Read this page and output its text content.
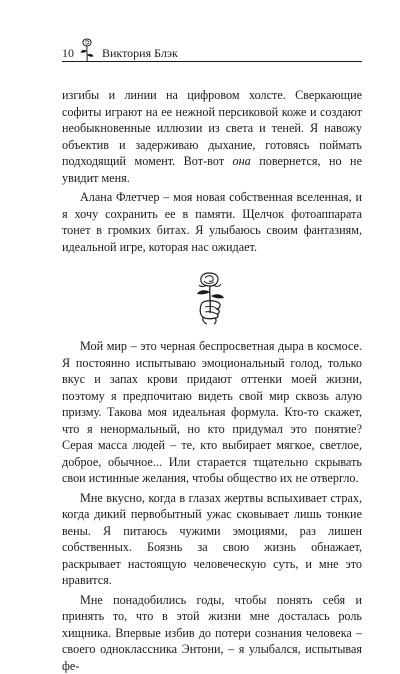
10 Виктория Блэк

изгибы и линии на цифровом холсте. Сверкающие софиты играют на ее нежной персиковой коже и создают необыкновенные иллюзии из света и теней. Я навожу объектив и задерживаю дыхание, готовясь поймать подходящий момент. Вот-вот она повернется, но не увидит меня.

Алана Флетчер – моя новая собственная вселенная, и я хочу сохранить ее в памяти. Щелчок фотоаппарата тонет в громких битах. Я улыбаюсь своим фантазиям, идеальной игре, которая нас ожидает.

Мой мир – это черная беспросветная дыра в космосе. Я постоянно испытываю эмоциональный голод, только вкус и запах крови придают оттенки моей жизни, поэтому я предпочитаю видеть свой мир сквозь алую призму. Такова моя идеальная формула. Кто-то скажет, что я ненормальный, но кто придумал это понятие? Серая масса людей – те, кто выбирает мягкое, светлое, доброе, обычное... Или старается тщательно скрывать свои истинные желания, чтобы общество их не отвергло.

Мне вкусно, когда в глазах жертвы вспыхивает страх, когда дикий первобытный ужас сковывает лишь тонкие вены. Я питаюсь чужими эмоциями, раз лишен собственных. Боязнь за свою жизнь обнажает, раскрывает настоящую человеческую суть, и мне это нравится.

Мне понадобились годы, чтобы понять себя и принять то, что в этой жизни мне досталась роль хищника. Впервые избив до потери сознания человека – своего одноклассника Энтони, – я улыбался, испытывая фе-
